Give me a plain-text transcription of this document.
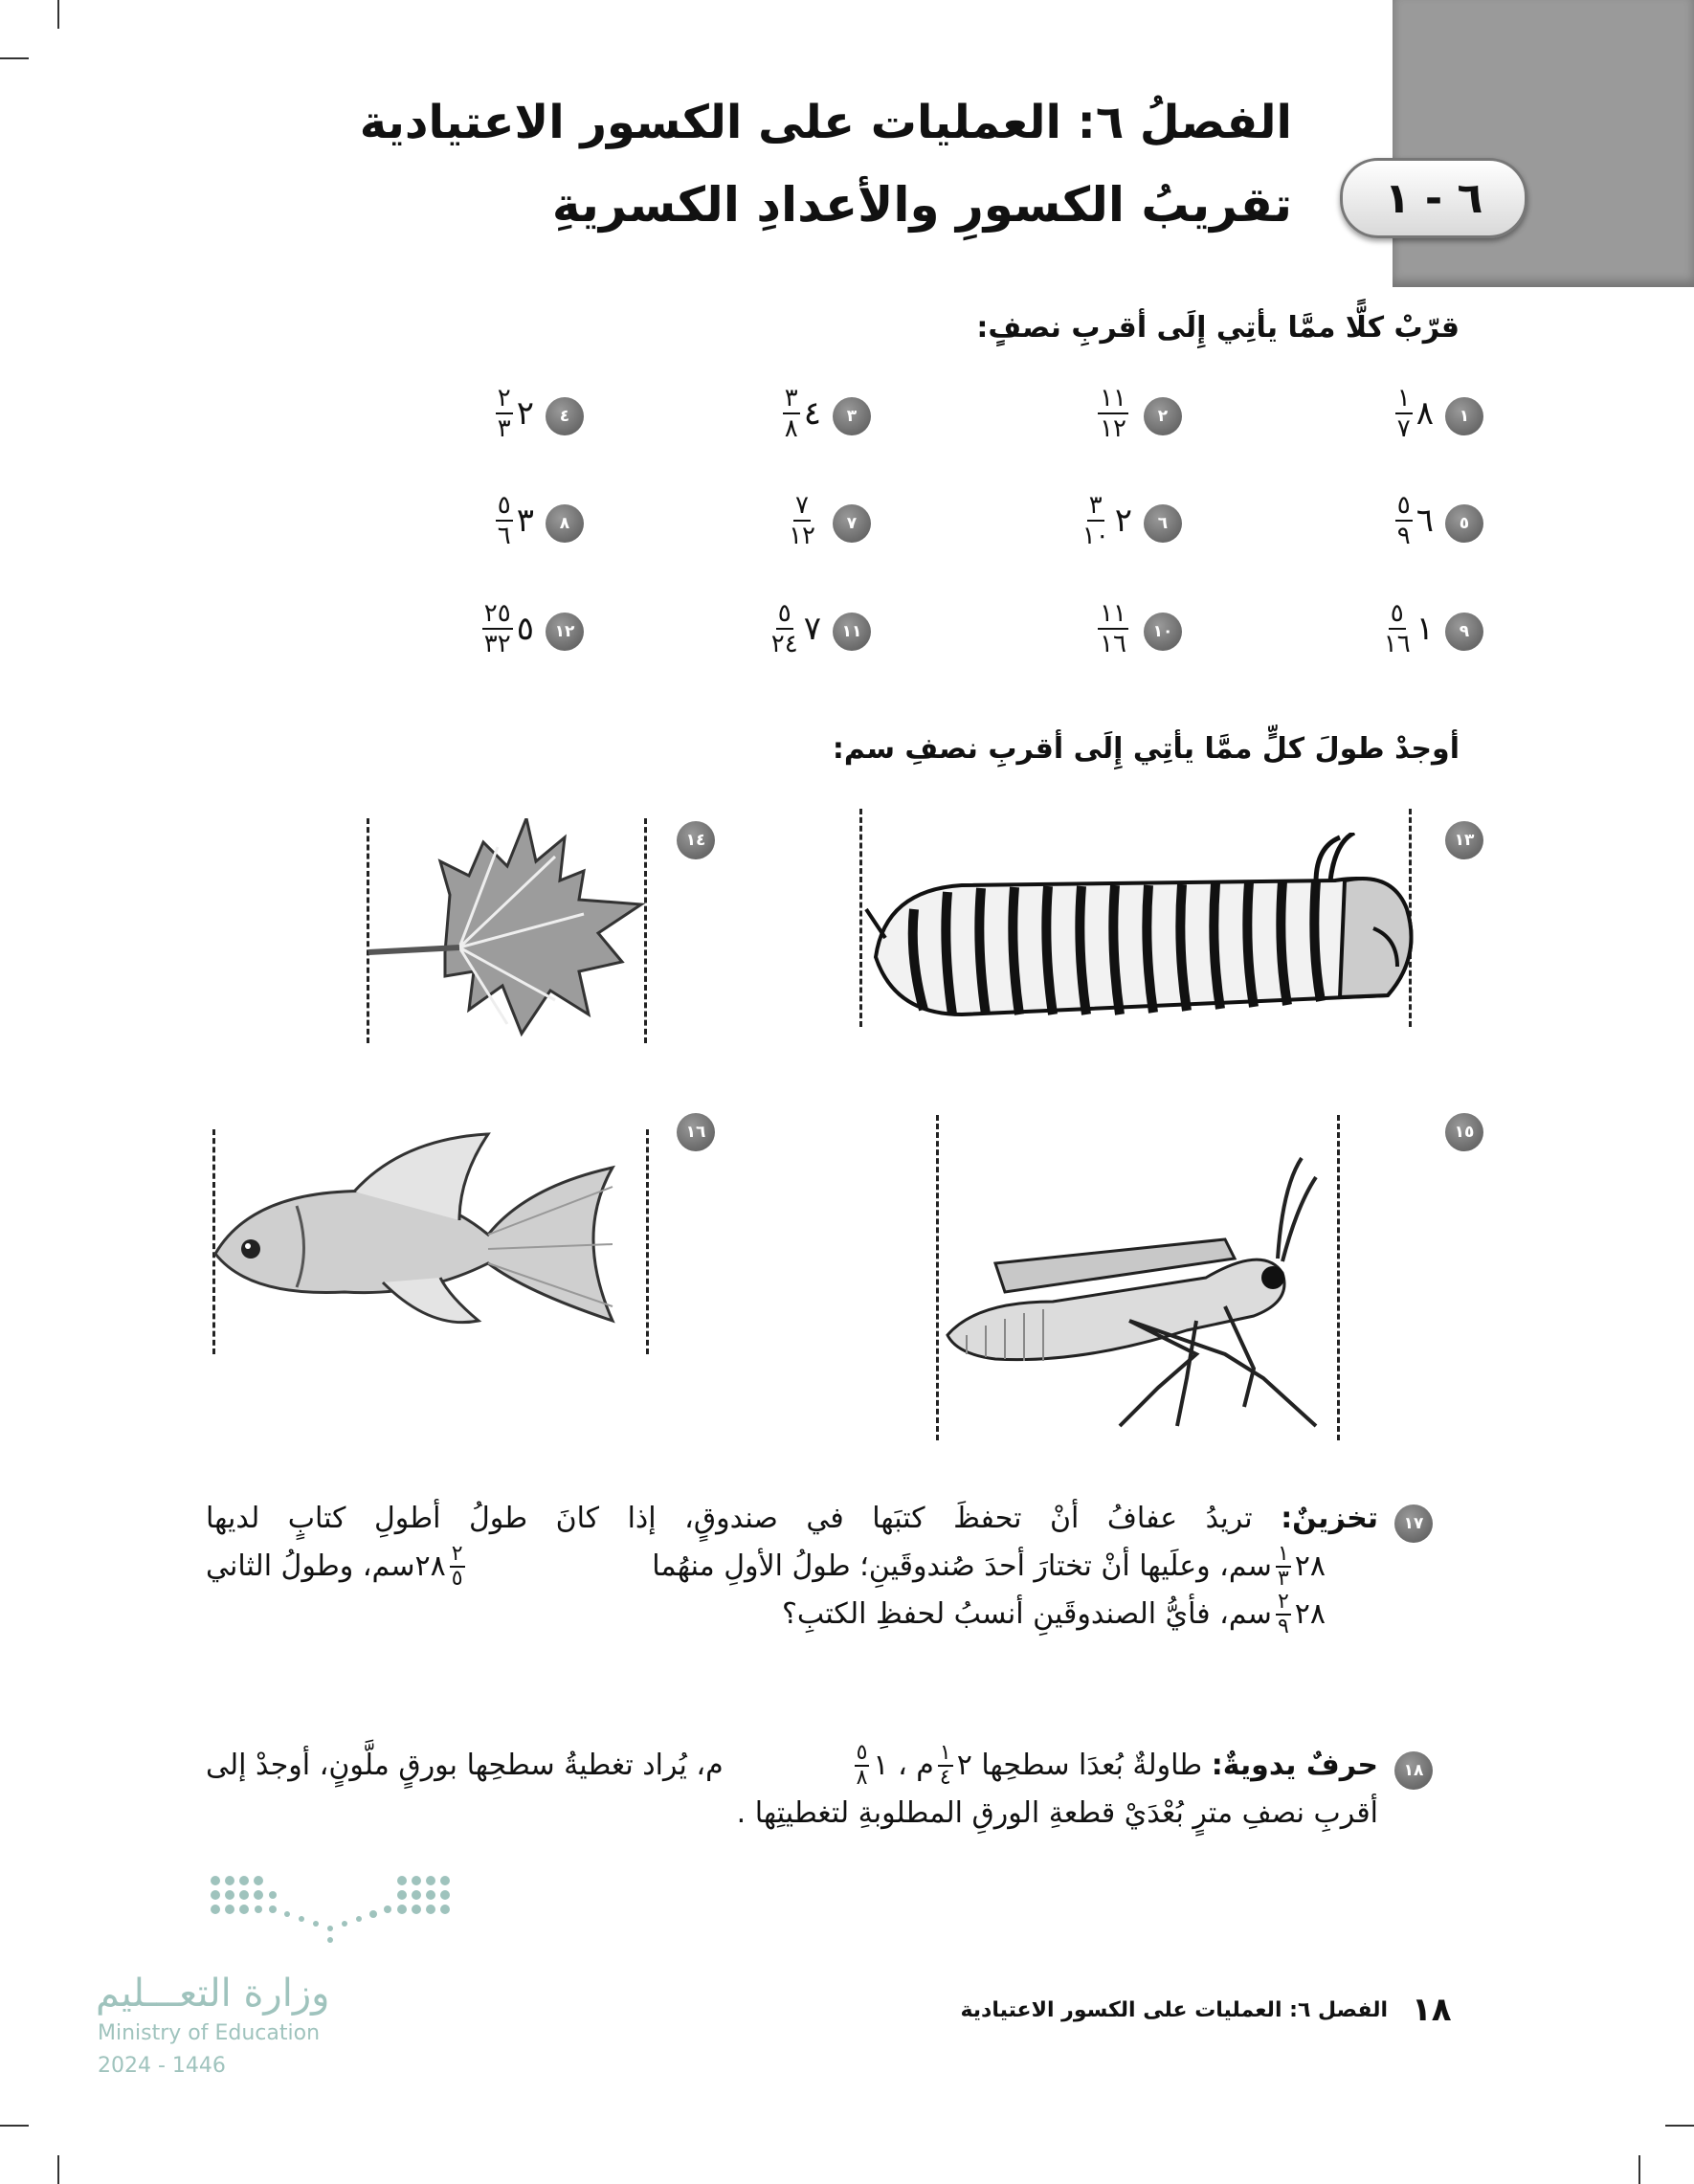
٦ - ١
الفصلُ ٦: العمليات على الكسور الاعتيادية
تقريبُ الكسورِ والأعدادِ الكسريةِ
قرّبْ كلًّا ممَّا يأتِي إِلَى أقربِ نصفٍ:
١
٨
$\frac{١}{٧}$
٢
$\frac{١١}{١٢}$
٣
٤
$\frac{٣}{٨}$
٤
٢
$\frac{٢}{٣}$
٥
٦
$\frac{٥}{٩}$
٦
٢
$\frac{٣}{١٠}$
٧
$\frac{٧}{١٢}$
٨
٣
$\frac{٥}{٦}$
٩
١
$\frac{٥}{١٦}$
١٠
$\frac{١١}{١٦}$
١١
٧
$\frac{٥}{٢٤}$
١٢
٥
$\frac{٢٥}{٣٢}$
أوجدْ طولَ كلٍّ ممَّا يأتِي إِلَى أقربِ نصفِ سم:
١٣
١٤
١٥
١٦
١٧
تخزينٌ: تريدُ عفافُ أنْ تحفظَ كتبَها في صندوقٍ، إذا كانَ طولُ أطولِ كتابٍ لديها
٢٨
$\frac{١}{٣}$
سم، وعلَيها أنْ تختارَ أحدَ صُندوقَينِ؛ طولُ الأولِ منهُما
$\frac{٢}{٥}$
٢٨سم، وطولُ الثاني
٢٨
$\frac{٢}{٩}$
سم، فأيُّ الصندوقَينِ أنسبُ لحفظِ الكتبِ؟
١٨
حرفٌ يدويةٌ:

طاولةٌ بُعدَا سطحِها

٢
$\frac{١}{٤}$
م ،

١
$\frac{٥}{٨}$
م، يُراد تغطيةُ سطحِها بورقٍ ملَّونٍ، أوجدْ إلى
أقربِ نصفِ مترٍ بُعْدَيْ قطعةِ الورقِ المطلوبةِ لتغطيتِها .
وزارة التعـــليم
Ministry of Education
2024 - 1446
١٨
الفصل ٦: العمليات على الكسور الاعتيادية
